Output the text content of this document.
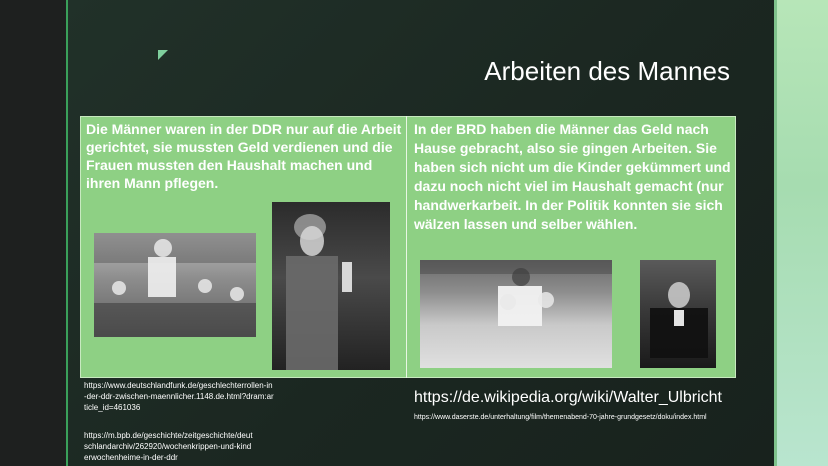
Arbeiten des Mannes
Die Männer waren in der DDR nur auf die Arbeit gerichtet, sie mussten Geld verdienen und die Frauen mussten den Haushalt machen und ihren Mann pflegen.
In der BRD haben die Männer das Geld nach Hause gebracht, also sie gingen Arbeiten. Sie haben sich nicht um die Kinder gekümmert und dazu noch nicht viel im Haushalt gemacht (nur handwerkarbeit. In der Politik konnten sie sich wälzen lassen und selber wählen.
https://www.deutschlandfunk.de/geschlechterrollen-in-der-ddr-zwischen-maennlicher.1148.de.html?dram:article_id=461036
https://m.bpb.de/geschichte/zeitgeschichte/deutschlandarchiv/262920/wochenkrippen-und-kinderwochenheime-in-der-ddr
https://de.wikipedia.org/wiki/Walter_Ulbricht
https://www.daserste.de/unterhaltung/film/themenabend-70-jahre-grundgesetz/doku/index.html
